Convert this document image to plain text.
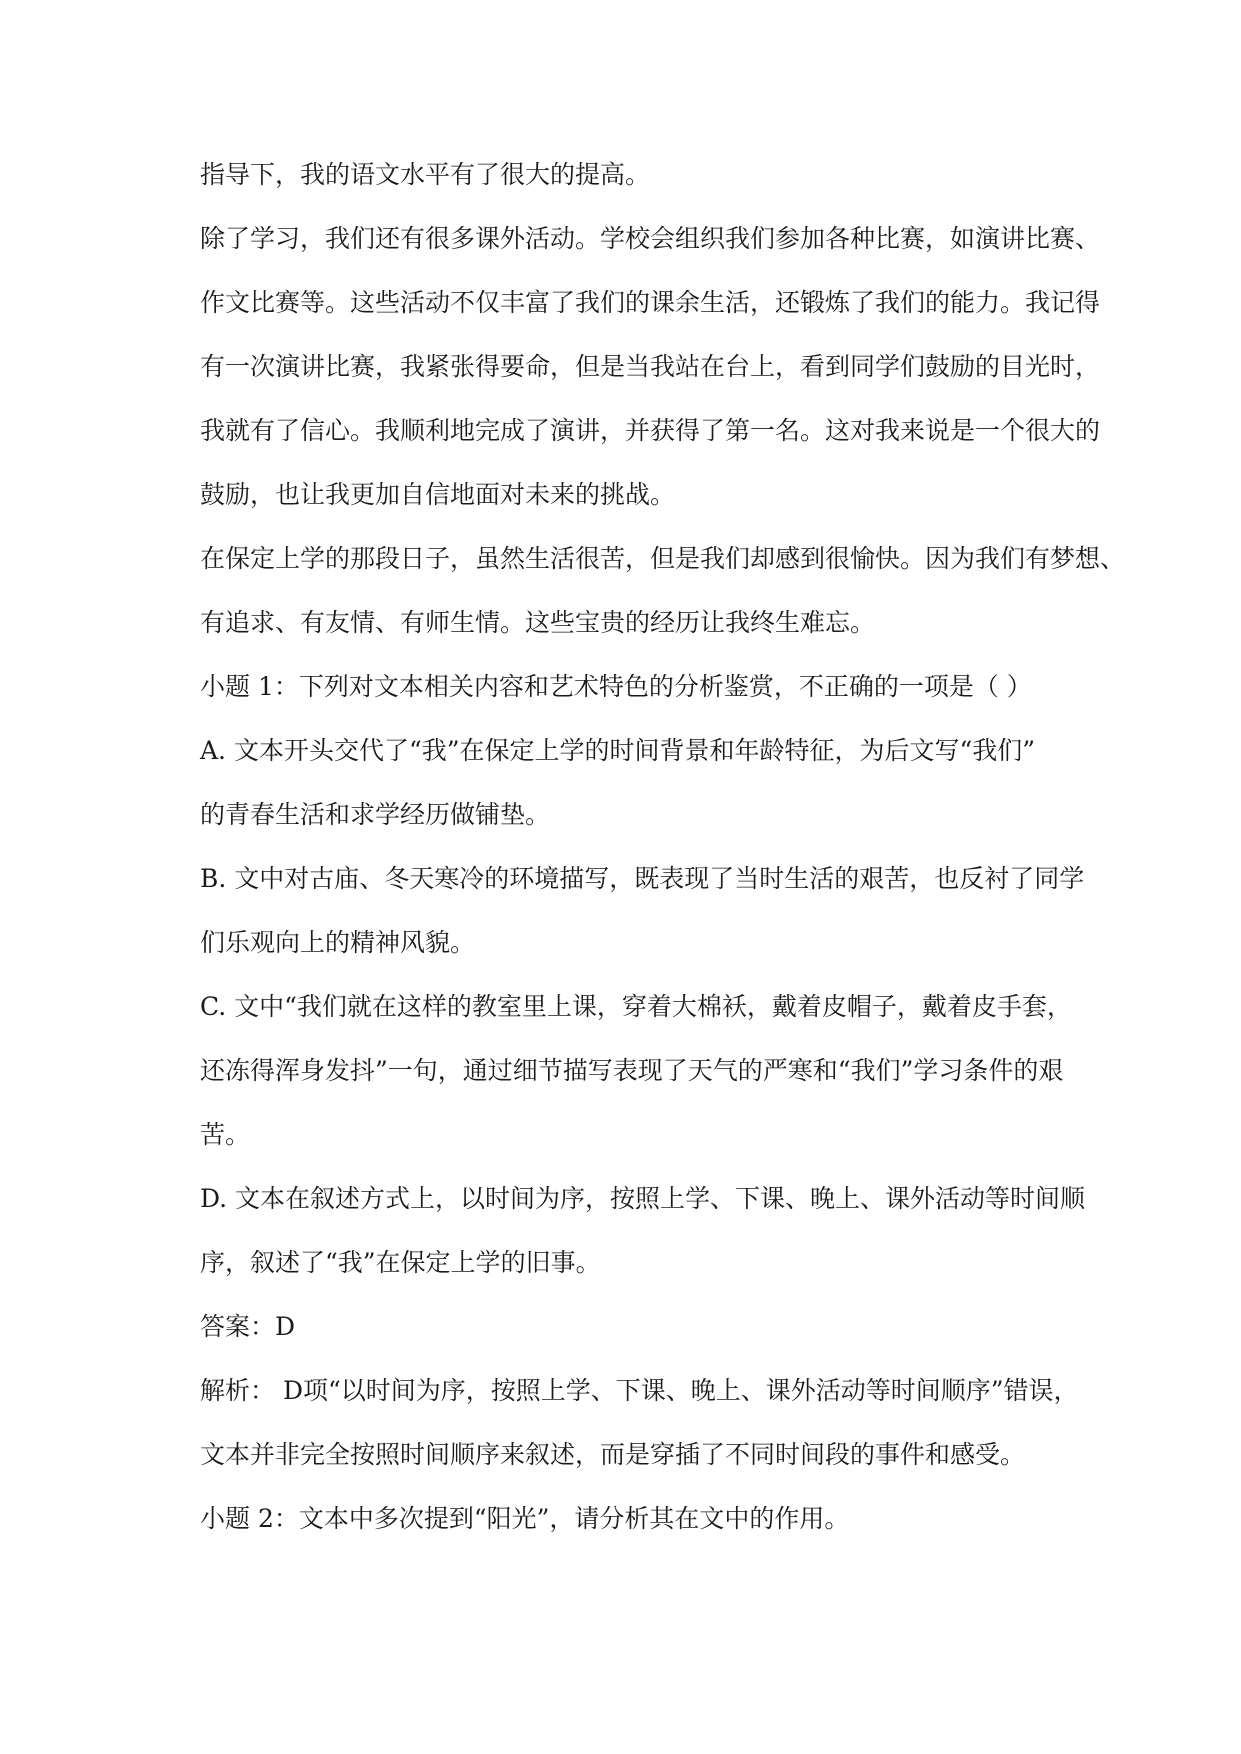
指导下，我的语文水平有了很大的提高。
除了学习，我们还有很多课外活动。学校会组织我们参加各种比赛，如演讲比赛、
作文比赛等。这些活动不仅丰富了我们的课余生活，还锻炼了我们的能力。我记得
有一次演讲比赛，我紧张得要命，但是当我站在台上，看到同学们鼓励的目光时，
我就有了信心。我顺利地完成了演讲，并获得了第一名。这对我来说是一个很大的
鼓励，也让我更加自信地面对未来的挑战。
在保定上学的那段日子，虽然生活很苦，但是我们却感到很愉快。因为我们有梦想、
有追求、有友情、有师生情。这些宝贵的经历让我终生难忘。
小题 1：下列对文本相关内容和艺术特色的分析鉴赏，不正确的一项是（ ）
A. 文本开头交代了“我”在保定上学的时间背景和年龄特征，为后文写“我们”
的青春生活和求学经历做铺垫。
B. 文中对古庙、冬天寒冷的环境描写，既表现了当时生活的艰苦，也反衬了同学
们乐观向上的精神风貌。
C. 文中“我们就在这样的教室里上课，穿着大棉袄，戴着皮帽子，戴着皮手套，
还冻得浑身发抖”一句，通过细节描写表现了天气的严寒和“我们”学习条件的艰
苦。
D. 文本在叙述方式上，以时间为序，按照上学、下课、晚上、课外活动等时间顺
序，叙述了“我”在保定上学的旧事。
答案：D
解析： D项“以时间为序，按照上学、下课、晚上、课外活动等时间顺序”错误，
文本并非完全按照时间顺序来叙述，而是穿插了不同时间段的事件和感受。
小题 2：文本中多次提到“阳光”，请分析其在文中的作用。
